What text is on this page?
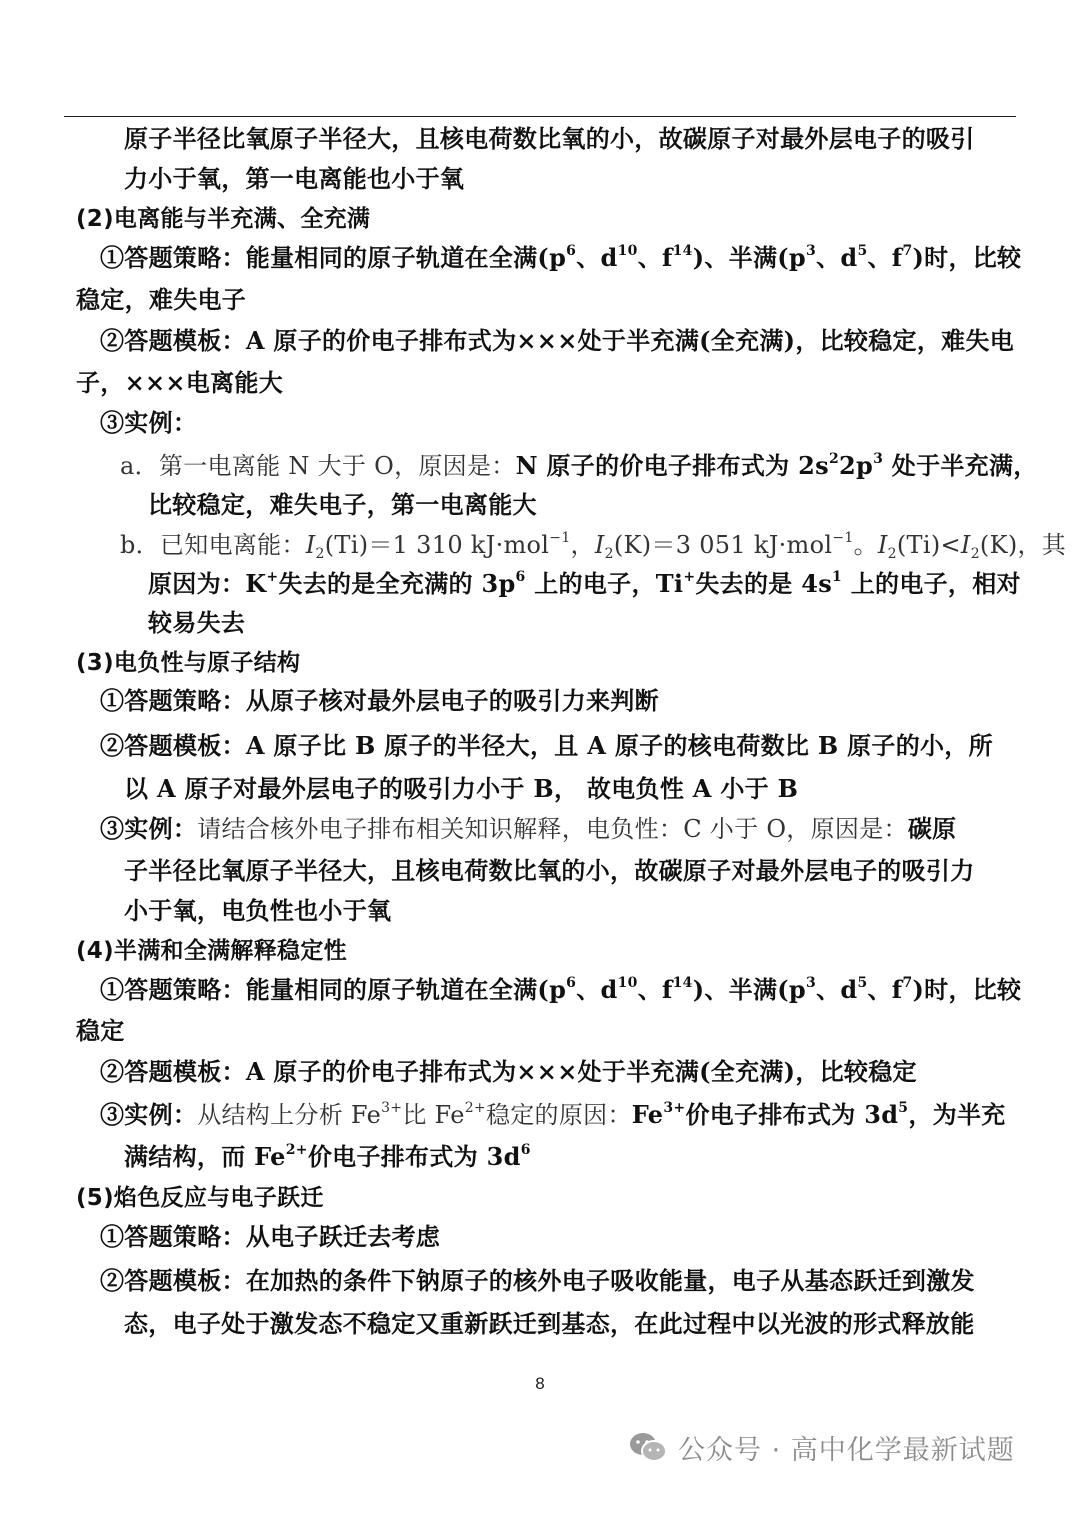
原子半径比氧原子半径大，且核电荷数比氧的小，故碳原子对最外层电子的吸引
力小于氧，第一电离能也小于氧
(2)电离能与半充满、全充满
①答题策略：能量相同的原子轨道在全满($p^6$、$d^{10}$、$f^{14}$)、半满($p^3$、$d^5$、$f^7$)时，比较
稳定，难失电子
②答题模板：A 原子的价电子排布式为×××处于半充满(全充满)，比较稳定，难失电
子，×××电离能大
③实例：
a．第一电离能 N 大于 O，原因是：N 原子的价电子排布式为 $2s^22p^3$ 处于半充满，
比较稳定，难失电子，第一电离能大
b．已知电离能：$I_2(Ti)=1$ 310 kJ·mol$^{-1}$，$I_2(K)=3$ 051 kJ·mol$^{-1}$。$I_2(Ti)<I_2(K)$，其
原因为：K+失去的是全充满的 $3p^6$ 上的电子，Ti+失去的是 $4s^1$ 上的电子，相对
较易失去
(3)电负性与原子结构
①答题策略：从原子核对最外层电子的吸引力来判断
②答题模板：A 原子比 B 原子的半径大，且 A 原子的核电荷数比 B 原子的小，所
以 A 原子对最外层电子的吸引力小于 B， 故电负性 A 小于 B
③实例：请结合核外电子排布相关知识解释，电负性：C 小于 O，原因是：碳原
子半径比氧原子半径大，且核电荷数比氧的小，故碳原子对最外层电子的吸引力
小于氧，电负性也小于氧
(4)半满和全满解释稳定性
①答题策略：能量相同的原子轨道在全满($p^6$、$d^{10}$、$f^{14}$)、半满($p^3$、$d^5$、$f^7$)时，比较
稳定
②答题模板：A 原子的价电子排布式为×××处于半充满(全充满)，比较稳定
③实例：从结构上分析 $Fe^{3+}$比 $Fe^{2+}$稳定的原因：$Fe^{3+}$价电子排布式为 $3d^5$，为半充
满结构，而 $Fe^{2+}$价电子排布式为 $3d^6$
(5)焰色反应与电子跃迁
①答题策略：从电子跃迁去考虑
②答题模板：在加热的条件下钠原子的核外电子吸收能量，电子从基态跃迁到激发
态，电子处于激发态不稳定又重新跃迁到基态，在此过程中以光波的形式释放能
8
公众号 · 高中化学最新试题
